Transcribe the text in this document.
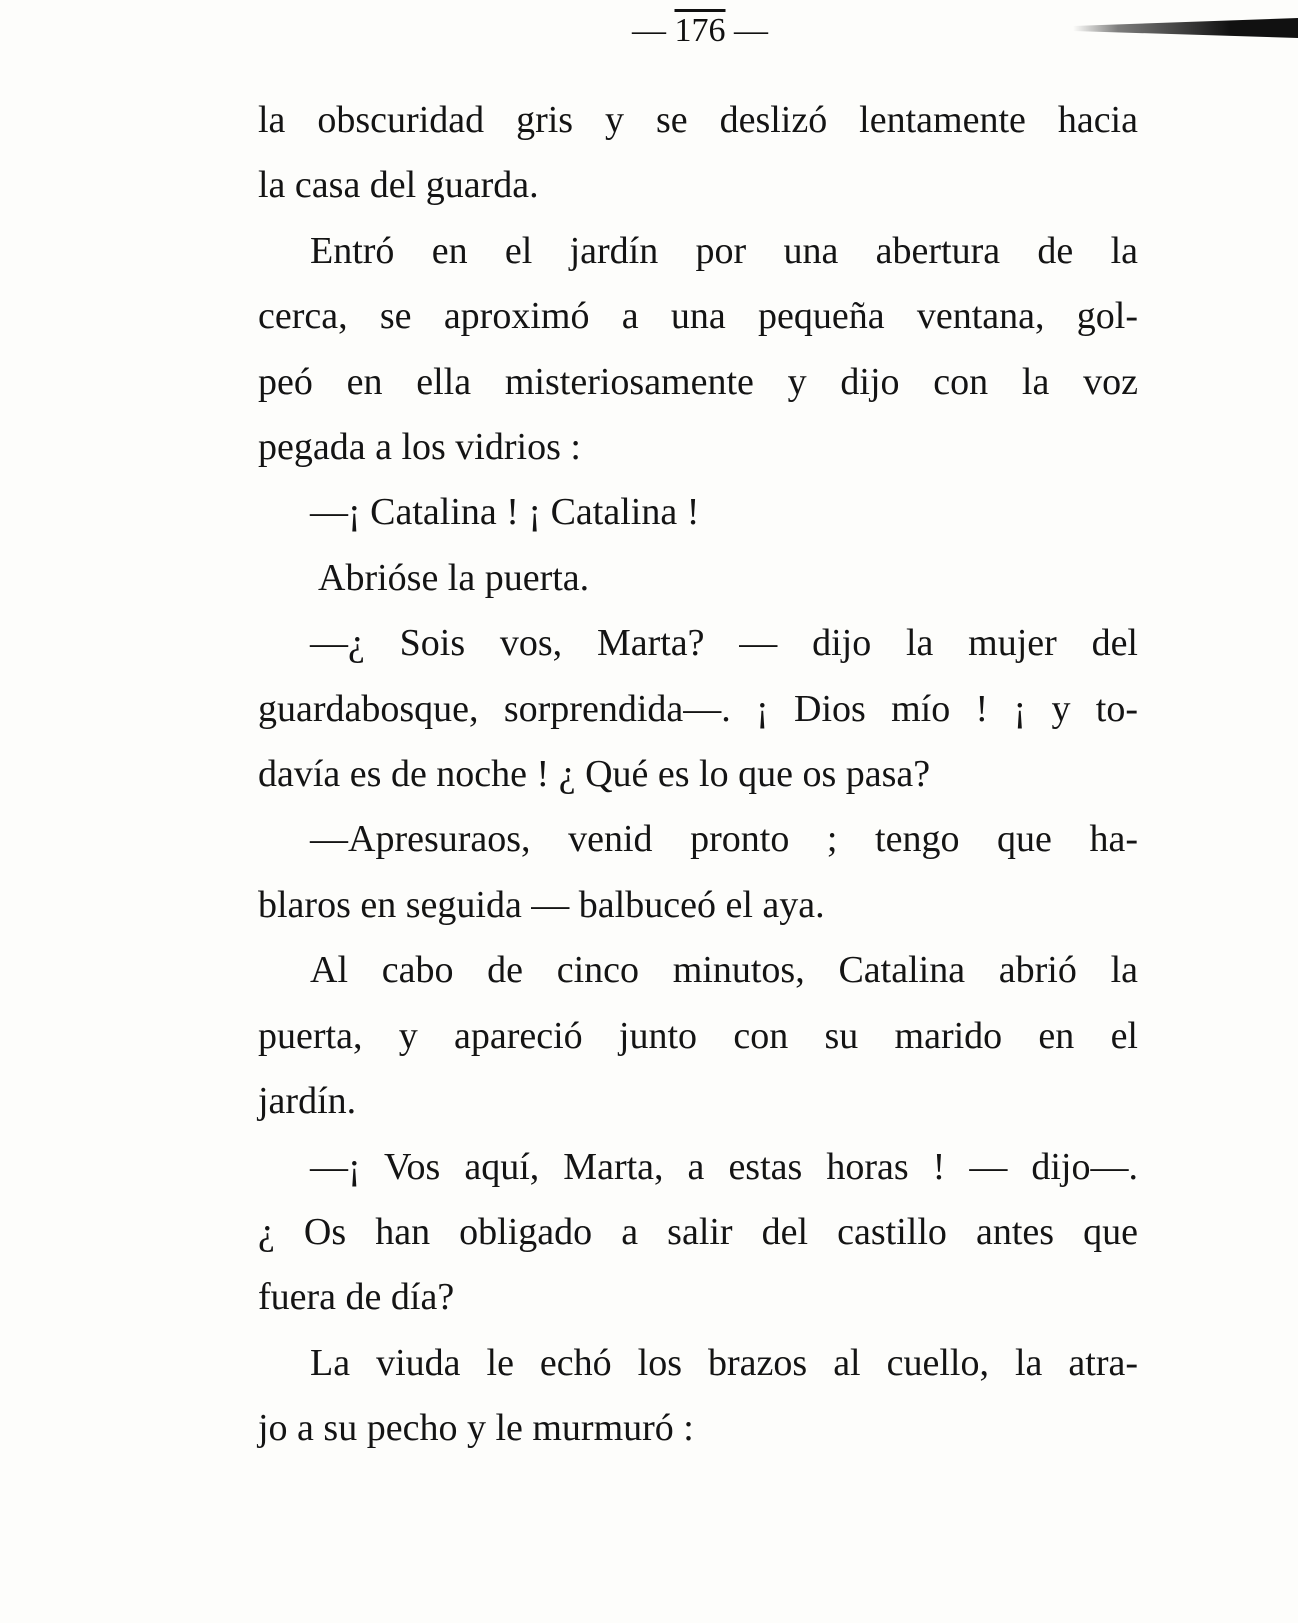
— 176 —

la obscuridad gris y se deslizó lentamente hacia
la casa del guarda.

Entró en el jardín por una abertura de la
cerca, se aproximó a una pequeña ventana, gol-
peó en ella misteriosamente y dijo con la voz
pegada a los vidrios :

—¡ Catalina ! ¡ Catalina !

Abrióse la puerta.

—¿ Sois vos, Marta? — dijo la mujer del
guardabosque, sorprendida—. ¡ Dios mío ! ¡ y to-
davía es de noche ! ¿ Qué es lo que os pasa?

—Apresuraos, venid pronto ; tengo que ha-
blaros en seguida — balbuceó el aya.

Al cabo de cinco minutos, Catalina abrió la
puerta, y apareció junto con su marido en el
jardín.

—¡ Vos aquí, Marta, a estas horas ! — dijo—.
¿ Os han obligado a salir del castillo antes que
fuera de día?

La viuda le echó los brazos al cuello, la atra-
jo a su pecho y le murmuró :
